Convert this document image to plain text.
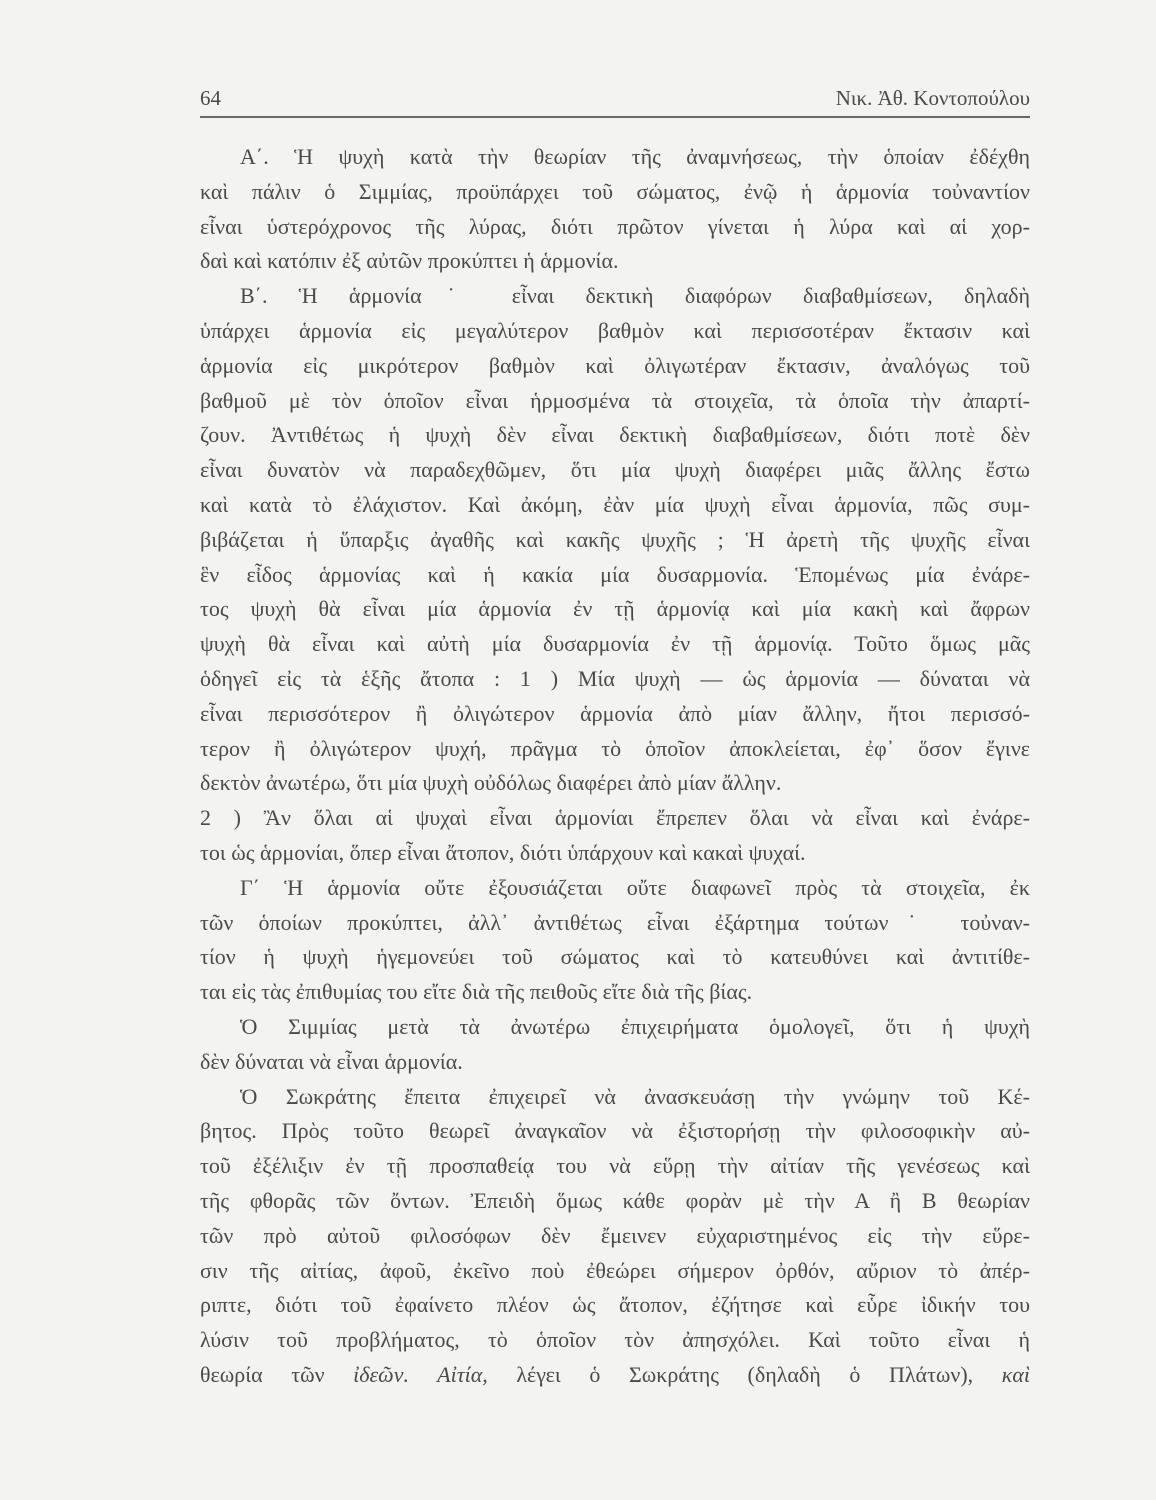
64	Νικ. Ἀθ. Κοντοπούλου
Α΄. Ἡ ψυχὴ κατὰ τὴν θεωρίαν τῆς ἀναμνήσεως, τὴν ὁποίαν ἐδέχθη
καὶ πάλιν ὁ Σιμμίας, προϋπάρχει τοῦ σώματος, ἐνῷ ἡ ἁρμονία τοὐναντίον
εἶναι ὑστερόχρονος τῆς λύρας, διότι πρῶτον γίνεται ἡ λύρα καὶ αἱ χορ-
δαὶ καὶ κατόπιν ἐξ αὐτῶν προκύπτει ἡ ἁρμονία.
Β΄. Ἡ ἁρμονία˙ εἶναι δεκτικὴ διαφόρων διαβαθμίσεων, δηλαδὴ
ὑπάρχει ἁρμονία εἰς μεγαλύτερον βαθμὸν καὶ περισσοτέραν ἔκτασιν καὶ
ἁρμονία εἰς μικρότερον βαθμὸν καὶ ὀλιγωτέραν ἔκτασιν, ἀναλόγως τοῦ
βαθμοῦ μὲ τὸν ὁποῖον εἶναι ἡρμοσμένα τὰ στοιχεῖα, τὰ ὁποῖα τὴν ἀπαρτί-
ζουν. Ἀντιθέτως ἡ ψυχὴ δὲν εἶναι δεκτικὴ διαβαθμίσεων, διότι ποτὲ δὲν
εἶναι δυνατὸν νὰ παραδεχθῶμεν, ὅτι μία ψυχὴ διαφέρει μιᾶς ἄλλης ἔστω
καὶ κατὰ τὸ ἐλάχιστον. Καὶ ἀκόμη, ἐὰν μία ψυχὴ εἶναι ἁρμονία, πῶς συμ-
βιβάζεται ἡ ὕπαρξις ἀγαθῆς καὶ κακῆς ψυχῆς ; Ἡ ἀρετὴ τῆς ψυχῆς εἶναι
ἓν εἶδος ἁρμονίας καὶ ἡ κακία μία δυσαρμονία. Ἑπομένως μία ἐνάρε-
τος ψυχὴ θὰ εἶναι μία ἁρμονία ἐν τῇ ἁρμονίᾳ καὶ μία κακὴ καὶ ἄφρων
ψυχὴ θὰ εἶναι καὶ αὐτὴ μία δυσαρμονία ἐν τῇ ἁρμονίᾳ. Τοῦτο ὅμως μᾶς
ὁδηγεῖ εἰς τὰ ἑξῆς ἄτοπα : 1 ) Μία ψυχὴ — ὡς ἁρμονία — δύναται νὰ
εἶναι περισσότερον ἢ ὀλιγώτερον ἁρμονία ἀπὸ μίαν ἄλλην, ἤτοι περισσό-
τερον ἢ ὀλιγώτερον ψυχή, πρᾶγμα τὸ ὁποῖον ἀποκλείεται, ἐφ᾽ ὅσον ἔγινε
δεκτὸν ἀνωτέρω, ὅτι μία ψυχὴ οὐδόλως διαφέρει ἀπὸ μίαν ἄλλην.
2 ) Ἂν ὅλαι αἱ ψυχαὶ εἶναι ἁρμονίαι ἔπρεπεν ὅλαι νὰ εἶναι καὶ ἐνάρε-
τοι ὡς ἁρμονίαι, ὅπερ εἶναι ἄτοπον, διότι ὑπάρχουν καὶ κακαὶ ψυχαί.
Γ΄ Ἡ ἁρμονία οὔτε ἐξουσιάζεται οὔτε διαφωνεῖ πρὸς τὰ στοιχεῖα, ἐκ
τῶν ὁποίων προκύπτει, ἀλλ᾽ ἀντιθέτως εἶναι ἐξάρτημα τούτων˙ τοὐναν-
τίον ἡ ψυχὴ ἡγεμονεύει τοῦ σώματος καὶ τὸ κατευθύνει καὶ ἀντιτίθε-
ται εἰς τὰς ἐπιθυμίας του εἴτε διὰ τῆς πειθοῦς εἴτε διὰ τῆς βίας.
Ὁ Σιμμίας μετὰ τὰ ἀνωτέρω ἐπιχειρήματα ὁμολογεῖ, ὅτι ἡ ψυχὴ
δὲν δύναται νὰ εἶναι ἁρμονία.
Ὁ Σωκράτης ἔπειτα ἐπιχειρεῖ νὰ ἀνασκευάσῃ τὴν γνώμην τοῦ Κέ-
βητος. Πρὸς τοῦτο θεωρεῖ ἀναγκαῖον νὰ ἐξιστορήσῃ τὴν φιλοσοφικὴν αὐ-
τοῦ ἐξέλιξιν ἐν τῇ προσπαθείᾳ του νὰ εὕρῃ τὴν αἰτίαν τῆς γενέσεως καὶ
τῆς φθορᾶς τῶν ὄντων. Ἐπειδὴ ὅμως κάθε φορὰν μὲ τὴν Α ἢ Β θεωρίαν
τῶν πρὸ αὐτοῦ φιλοσόφων δὲν ἔμεινεν εὐχαριστημένος εἰς τὴν εὕρε-
σιν τῆς αἰτίας, ἀφοῦ, ἐκεῖνο ποὺ ἐθεώρει σήμερον ὀρθόν, αὔριον τὸ ἀπέρ-
ριπτε, διότι τοῦ ἐφαίνετο πλέον ὡς ἄτοπον, ἐζήτησε καὶ εὗρε ἰδικήν του
λύσιν τοῦ προβλήματος, τὸ ὁποῖον τὸν ἀπησχόλει. Καὶ τοῦτο εἶναι ἡ
θεωρία τῶν ἰδεῶν. Αἰτία, λέγει ὁ Σωκράτης (δηλαδὴ ὁ Πλάτων), καὶ
